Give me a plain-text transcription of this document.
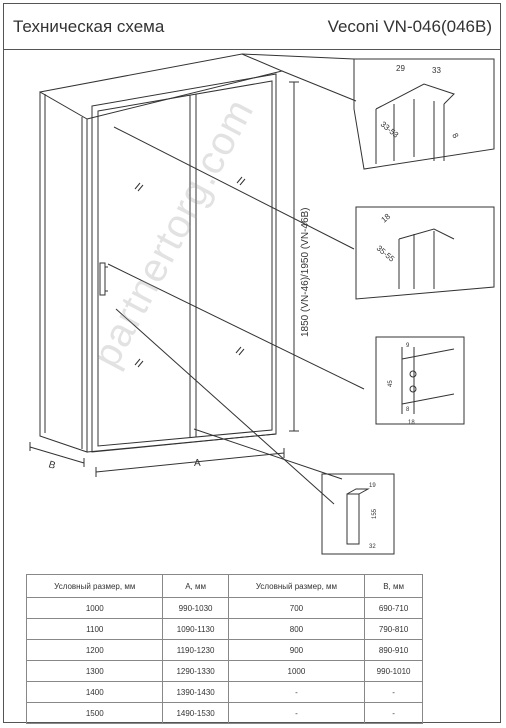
Техническая схема	Veconi VN-046(046B)
B	A
1850 (VN-46)/1950 (VN-46B)
29	33
33-53	8
18
35-55
9
45
8
18
19
155
32
partnertorg.com
Условный размер, мм	A, мм	Условный размер, мм	B, мм
1000	990-1030	700	690-710
1100	1090-1130	800	790-810
1200	1190-1230	900	890-910
1300	1290-1330	1000	990-1010
1400	1390-1430	-	-
1500	1490-1530	-	-
